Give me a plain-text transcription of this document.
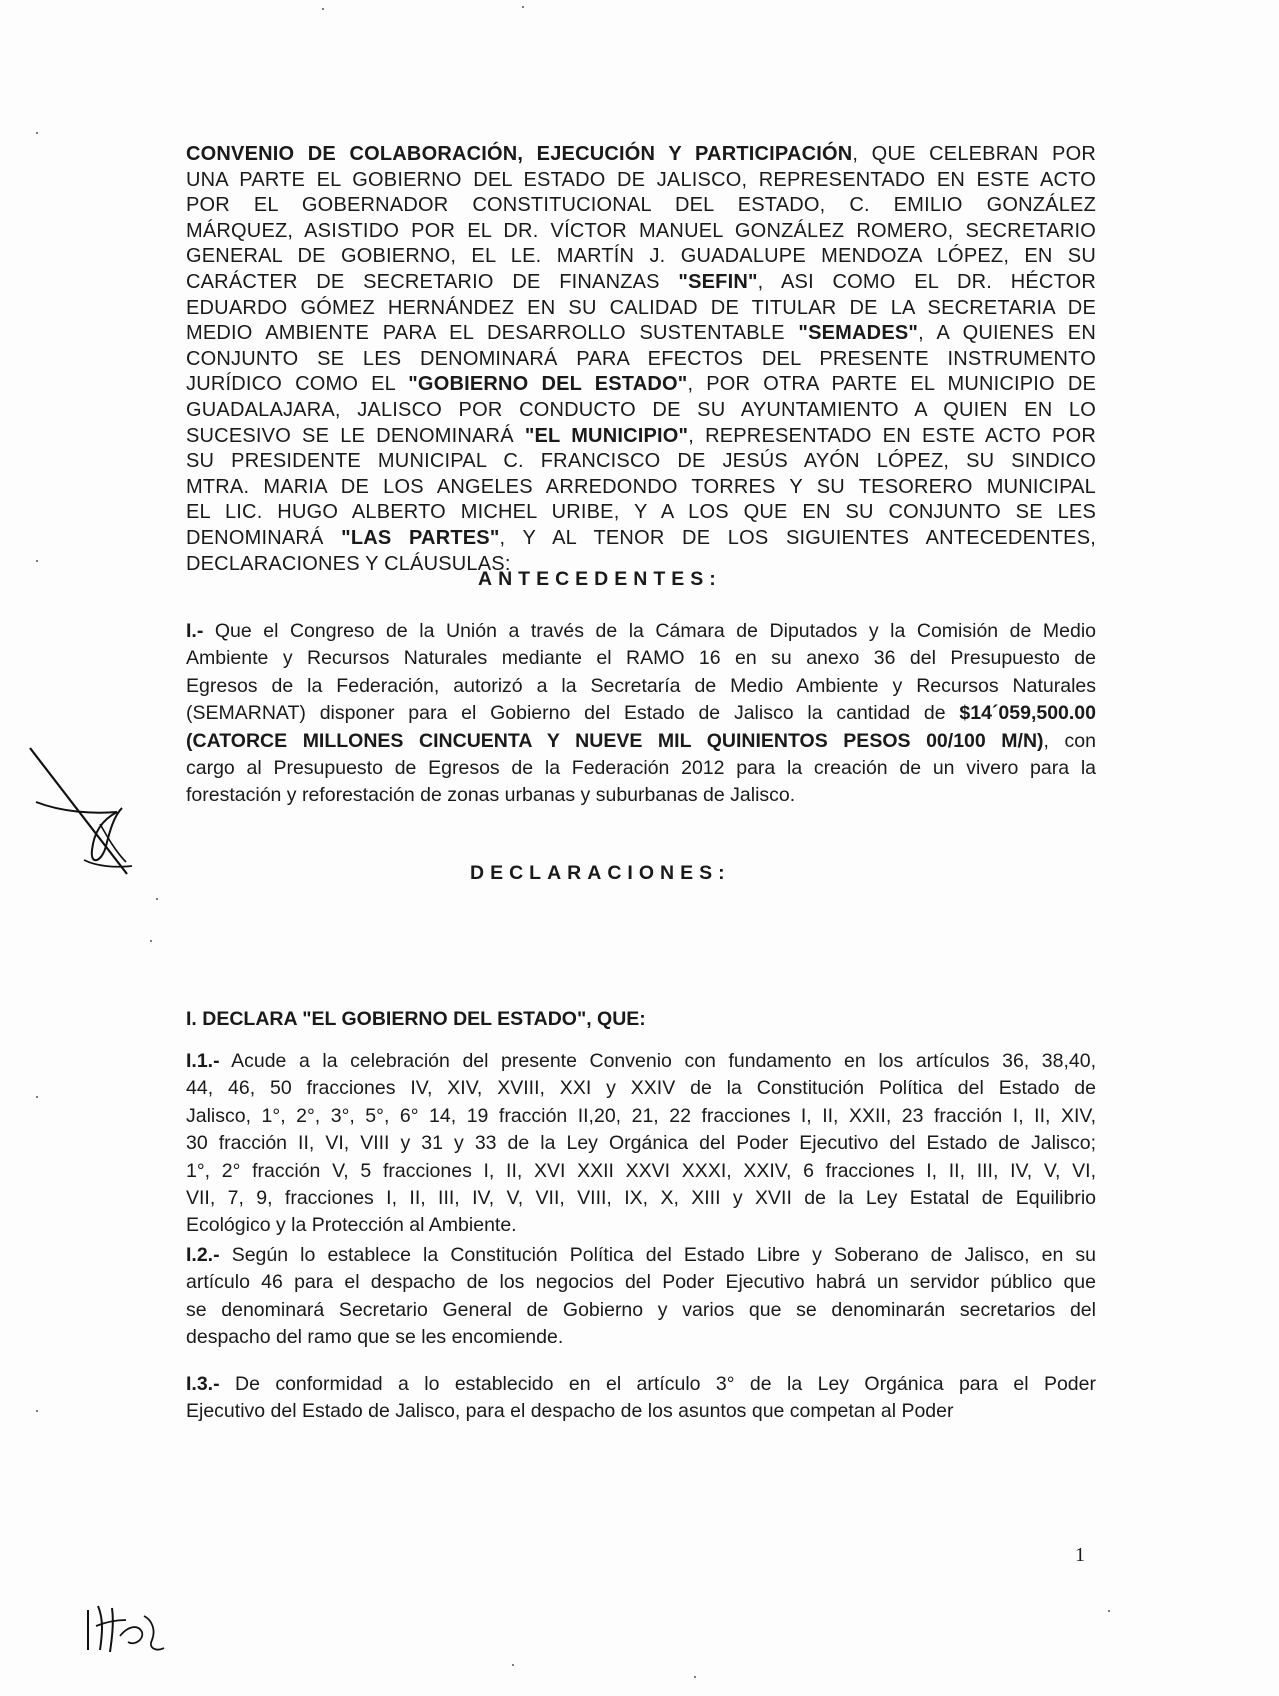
CONVENIO DE COLABORACIÓN, EJECUCIÓN Y PARTICIPACIÓN, QUE CELEBRAN POR
UNA PARTE EL GOBIERNO DEL ESTADO DE JALISCO, REPRESENTADO EN ESTE ACTO
POR EL GOBERNADOR CONSTITUCIONAL DEL ESTADO, C. EMILIO GONZÁLEZ
MÁRQUEZ, ASISTIDO POR EL DR. VÍCTOR MANUEL GONZÁLEZ ROMERO, SECRETARIO
GENERAL DE GOBIERNO, EL LE. MARTÍN J. GUADALUPE MENDOZA LÓPEZ, EN SU
CARÁCTER DE SECRETARIO DE FINANZAS "SEFIN", ASI COMO EL DR. HÉCTOR
EDUARDO GÓMEZ HERNÁNDEZ EN SU CALIDAD DE TITULAR DE LA SECRETARIA DE
MEDIO AMBIENTE PARA EL DESARROLLO SUSTENTABLE "SEMADES", A QUIENES EN
CONJUNTO SE LES DENOMINARÁ PARA EFECTOS DEL PRESENTE INSTRUMENTO
JURÍDICO COMO EL "GOBIERNO DEL ESTADO", POR OTRA PARTE EL MUNICIPIO DE
GUADALAJARA, JALISCO POR CONDUCTO DE SU AYUNTAMIENTO A QUIEN EN LO
SUCESIVO SE LE DENOMINARÁ "EL MUNICIPIO", REPRESENTADO EN ESTE ACTO POR
SU PRESIDENTE MUNICIPAL C. FRANCISCO DE JESÚS AYÓN LÓPEZ, SU SINDICO
MTRA. MARIA DE LOS ANGELES ARREDONDO TORRES Y SU TESORERO MUNICIPAL
EL LIC. HUGO ALBERTO MICHEL URIBE, Y A LOS QUE EN SU CONJUNTO SE LES
DENOMINARÁ "LAS PARTES", Y AL TENOR DE LOS SIGUIENTES ANTECEDENTES,
DECLARACIONES Y CLÁUSULAS:
ANTECEDENTES:
I.- Que el Congreso de la Unión a través de la Cámara de Diputados y la Comisión de Medio
Ambiente y Recursos Naturales mediante el RAMO 16 en su anexo 36 del Presupuesto de
Egresos de la Federación, autorizó a la Secretaría de Medio Ambiente y Recursos Naturales
(SEMARNAT) disponer para el Gobierno del Estado de Jalisco la cantidad de $14´059,500.00
(CATORCE MILLONES CINCUENTA Y NUEVE MIL QUINIENTOS PESOS 00/100 M/N), con
cargo al Presupuesto de Egresos de la Federación 2012 para la creación de un vivero para la
forestación y reforestación de zonas urbanas y suburbanas de Jalisco.
DECLARACIONES:
I. DECLARA "EL GOBIERNO DEL ESTADO", QUE:
I.1.- Acude a la celebración del presente Convenio con fundamento en los artículos 36, 38,40,
44, 46, 50 fracciones IV, XIV, XVIII, XXI y XXIV de la Constitución Política del Estado de
Jalisco, 1°, 2°, 3°, 5°, 6° 14, 19 fracción II,20, 21, 22 fracciones I, II, XXII, 23 fracción I, II, XIV,
30 fracción II, VI, VIII y 31 y 33 de la Ley Orgánica del Poder Ejecutivo del Estado de Jalisco;
1°, 2° fracción V, 5 fracciones I, II, XVI XXII XXVI XXXI, XXIV, 6 fracciones I, II, III, IV, V, VI,
VII, 7, 9, fracciones I, II, III, IV, V, VII, VIII, IX, X, XIII y XVII de la Ley Estatal de Equilibrio
Ecológico y la Protección al Ambiente.
I.2.- Según lo establece la Constitución Política del Estado Libre y Soberano de Jalisco, en su
artículo 46 para el despacho de los negocios del Poder Ejecutivo habrá un servidor público que
se denominará Secretario General de Gobierno y varios que se denominarán secretarios del
despacho del ramo que se les encomiende.
I.3.- De conformidad a lo establecido en el artículo 3° de la Ley Orgánica para el Poder
Ejecutivo del Estado de Jalisco, para el despacho de los asuntos que competan al Poder
1
